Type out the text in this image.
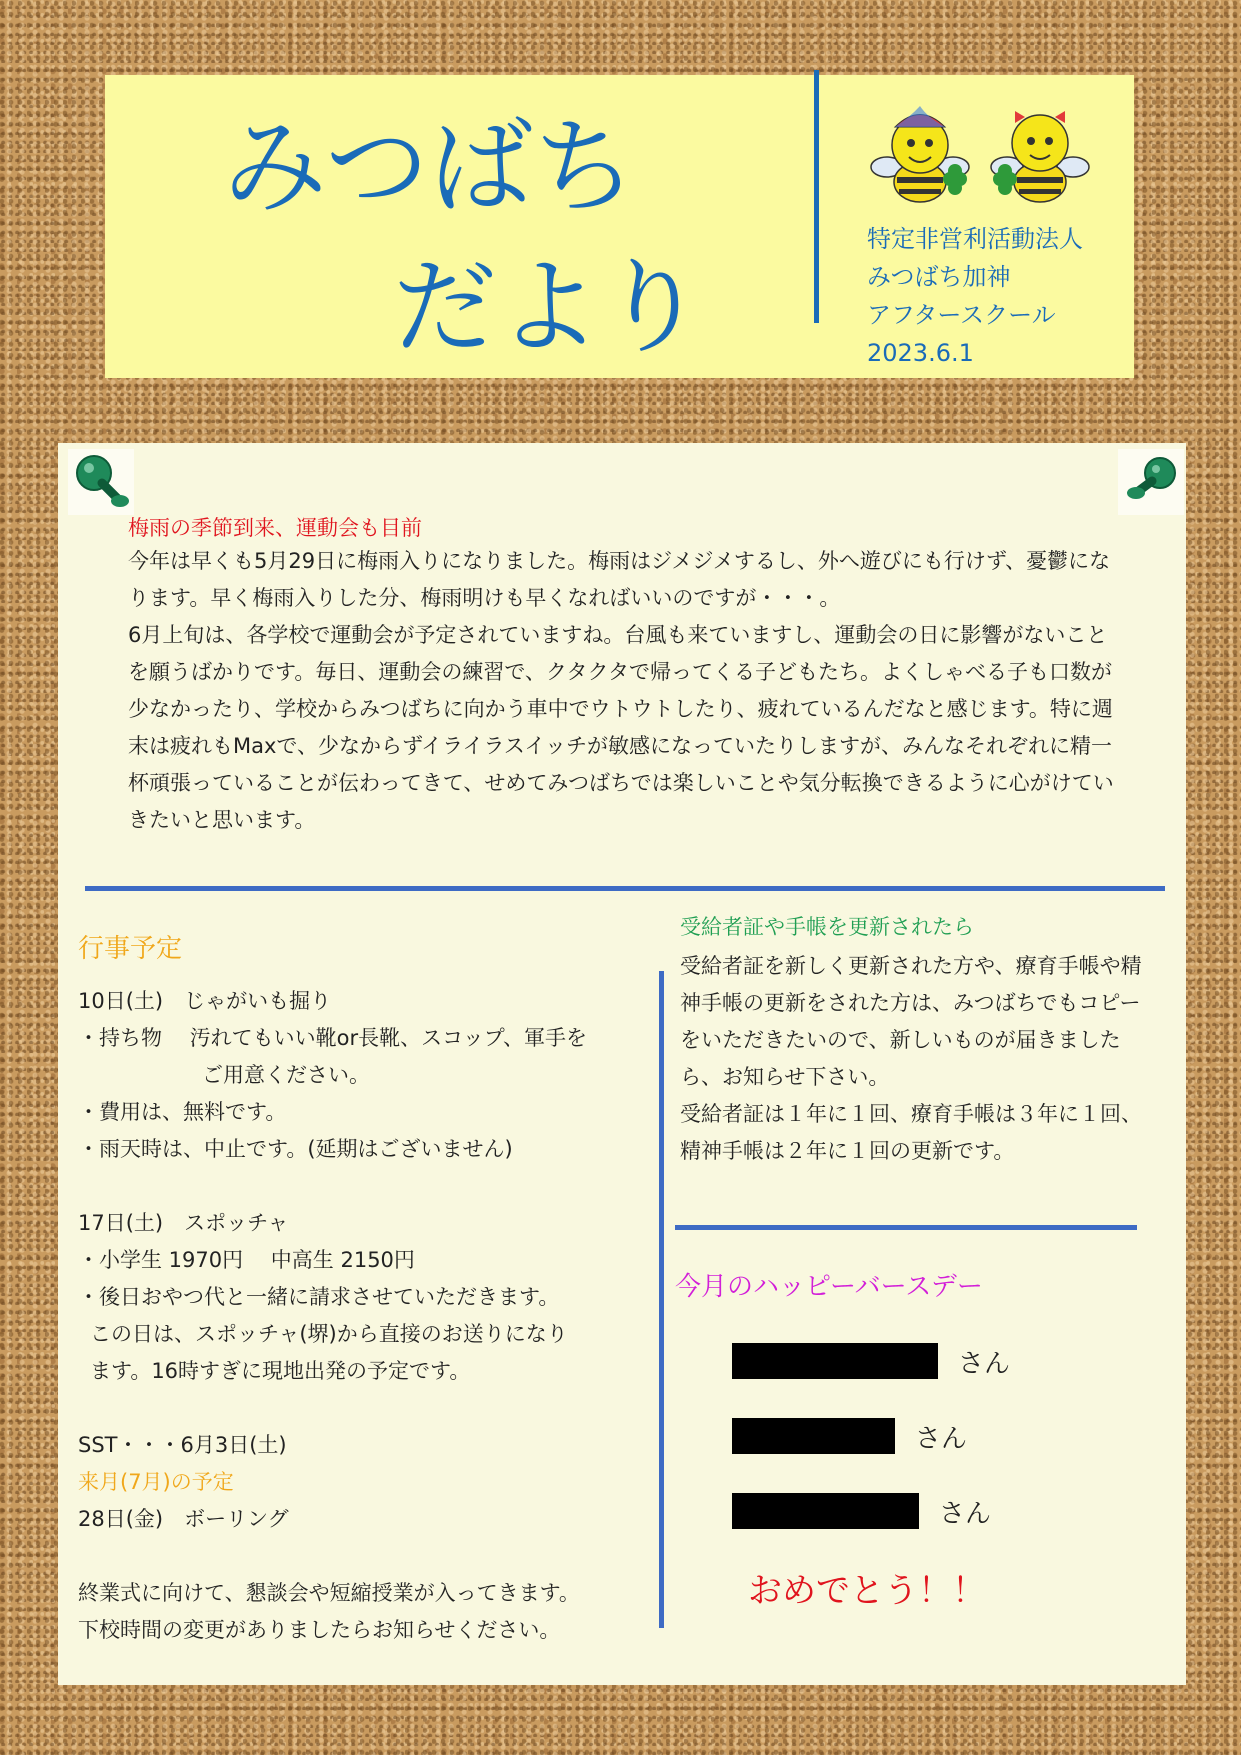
みつばち
だより
特定非営利活動法人
みつばち加神
アフタースクール
2023.6.1
梅雨の季節到来、運動会も目前

今年は早くも5月29日に梅雨入りになりました。梅雨はジメジメするし、外へ遊びにも行けず、憂鬱になります。早く梅雨入りした分、梅雨明けも早くなればいいのですが・・・。
6月上旬は、各学校で運動会が予定されていますね。台風も来ていますし、運動会の日に影響がないことを願うばかりです。毎日、運動会の練習で、クタクタで帰ってくる子どもたち。よくしゃべる子も口数が少なかったり、学校からみつばちに向かう車中でウトウトしたり、疲れているんだなと感じます。特に週末は疲れもMaxで、少なからずイライラスイッチが敏感になっていたりしますが、みんなそれぞれに精一杯頑張っていることが伝わってきて、せめてみつばちでは楽しいことや気分転換できるように心がけていきたいと思います。

行事予定
10日(土)　じゃがいも掘り
・持ち物　 汚れてもいい靴or長靴、スコップ、軍手を
ご用意ください。
・費用は、無料です。
・雨天時は、中止です。(延期はございません)

17日(土)　スポッチャ
・小学生 1970円　 中高生 2150円
・後日おやつ代と一緒に請求させていただきます。
この日は、スポッチャ(堺)から直接のお送りになり
ます。16時すぎに現地出発の予定です。

SST・・・6月3日(土)
来月(7月)の予定
28日(金)　ボーリング

終業式に向けて、懇談会や短縮授業が入ってきます。
下校時間の変更がありましたらお知らせください。
受給者証や手帳を更新されたら

受給者証を新しく更新された方や、療育手帳や精神手帳の更新をされた方は、みつばちでもコピーをいただきたいので、新しいものが届きましたら、お知らせ下さい。
受給者証は１年に１回、療育手帳は３年に１回、精神手帳は２年に１回の更新です。

今月のハッピーバースデー
さん
さん
さん

おめでとう！！
